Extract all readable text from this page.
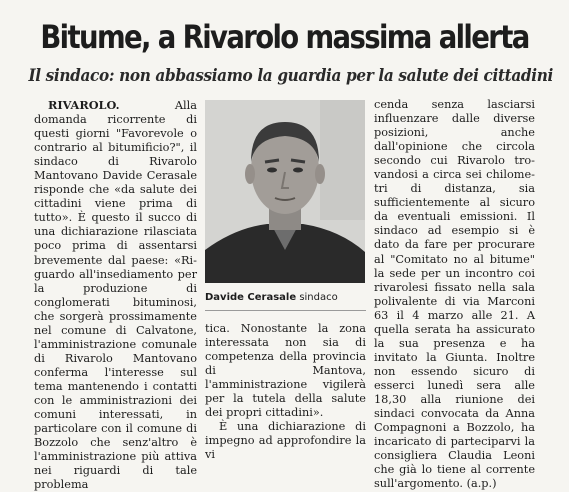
Bitume, a Rivarolo massima allerta
Il sindaco: non abbassiamo la guardia per la salute dei cittadini

RIVAROLO. Alla domanda ricorrente di questi giorni "Favorevole o contrario al bitumificio?", il sindaco di Rivarolo Mantovano Davide Cerasale risponde che «da salute dei cittadini viene prima di tutto». È questo il succo di una dichiarazione rilasciata poco prima di assentarsi brevemente dal paese: «Riguardo all'insediamento per la produzione di conglomerati bituminosi, che sorgerà prossimamente nel comune di Calvatone, l'amministrazione comunale di Rivarolo Mantovano conferma l'interesse sul tema mantenendo i contatti con le amministrazioni dei comuni interessati, in particolare con il comune di Bozzolo che senz'altro è l'amministrazione più attiva nei riguardi di tale problema

Davide Cerasale sindaco

tica. Nonostante la zona interessata non sia di competenza della provincia di Mantova, l'amministrazione vigilerà per la tutela della salute dei propri cittadini».

È una dichiarazione di impegno ad approfondire la vi

cenda senza lasciarsi influenzare dalle diverse posizioni, anche dall'opinione che circola secondo cui Rivarolo trovandosi a circa sei chilometri di distanza, sia sufficientemente al sicuro da eventuali emissioni. Il sindaco ad esempio si è dato da fare per procurare al "Comitato no al bitume" la sede per un incontro coi rivarolesi fissato nella sala polivalente di via Marconi 63 il 4 marzo alle 21. A quella serata ha assicurato la sua presenza e ha invitato la Giunta. Inoltre non essendo sicuro di esserci lunedì sera alle 18,30 alla riunione dei sindaci convocata da Anna Compagnoni a Bozzolo, ha incaricato di parteciparvi la consigliera Claudia Leoni che già lo tiene al corrente sull'argomento. (a.p.)
